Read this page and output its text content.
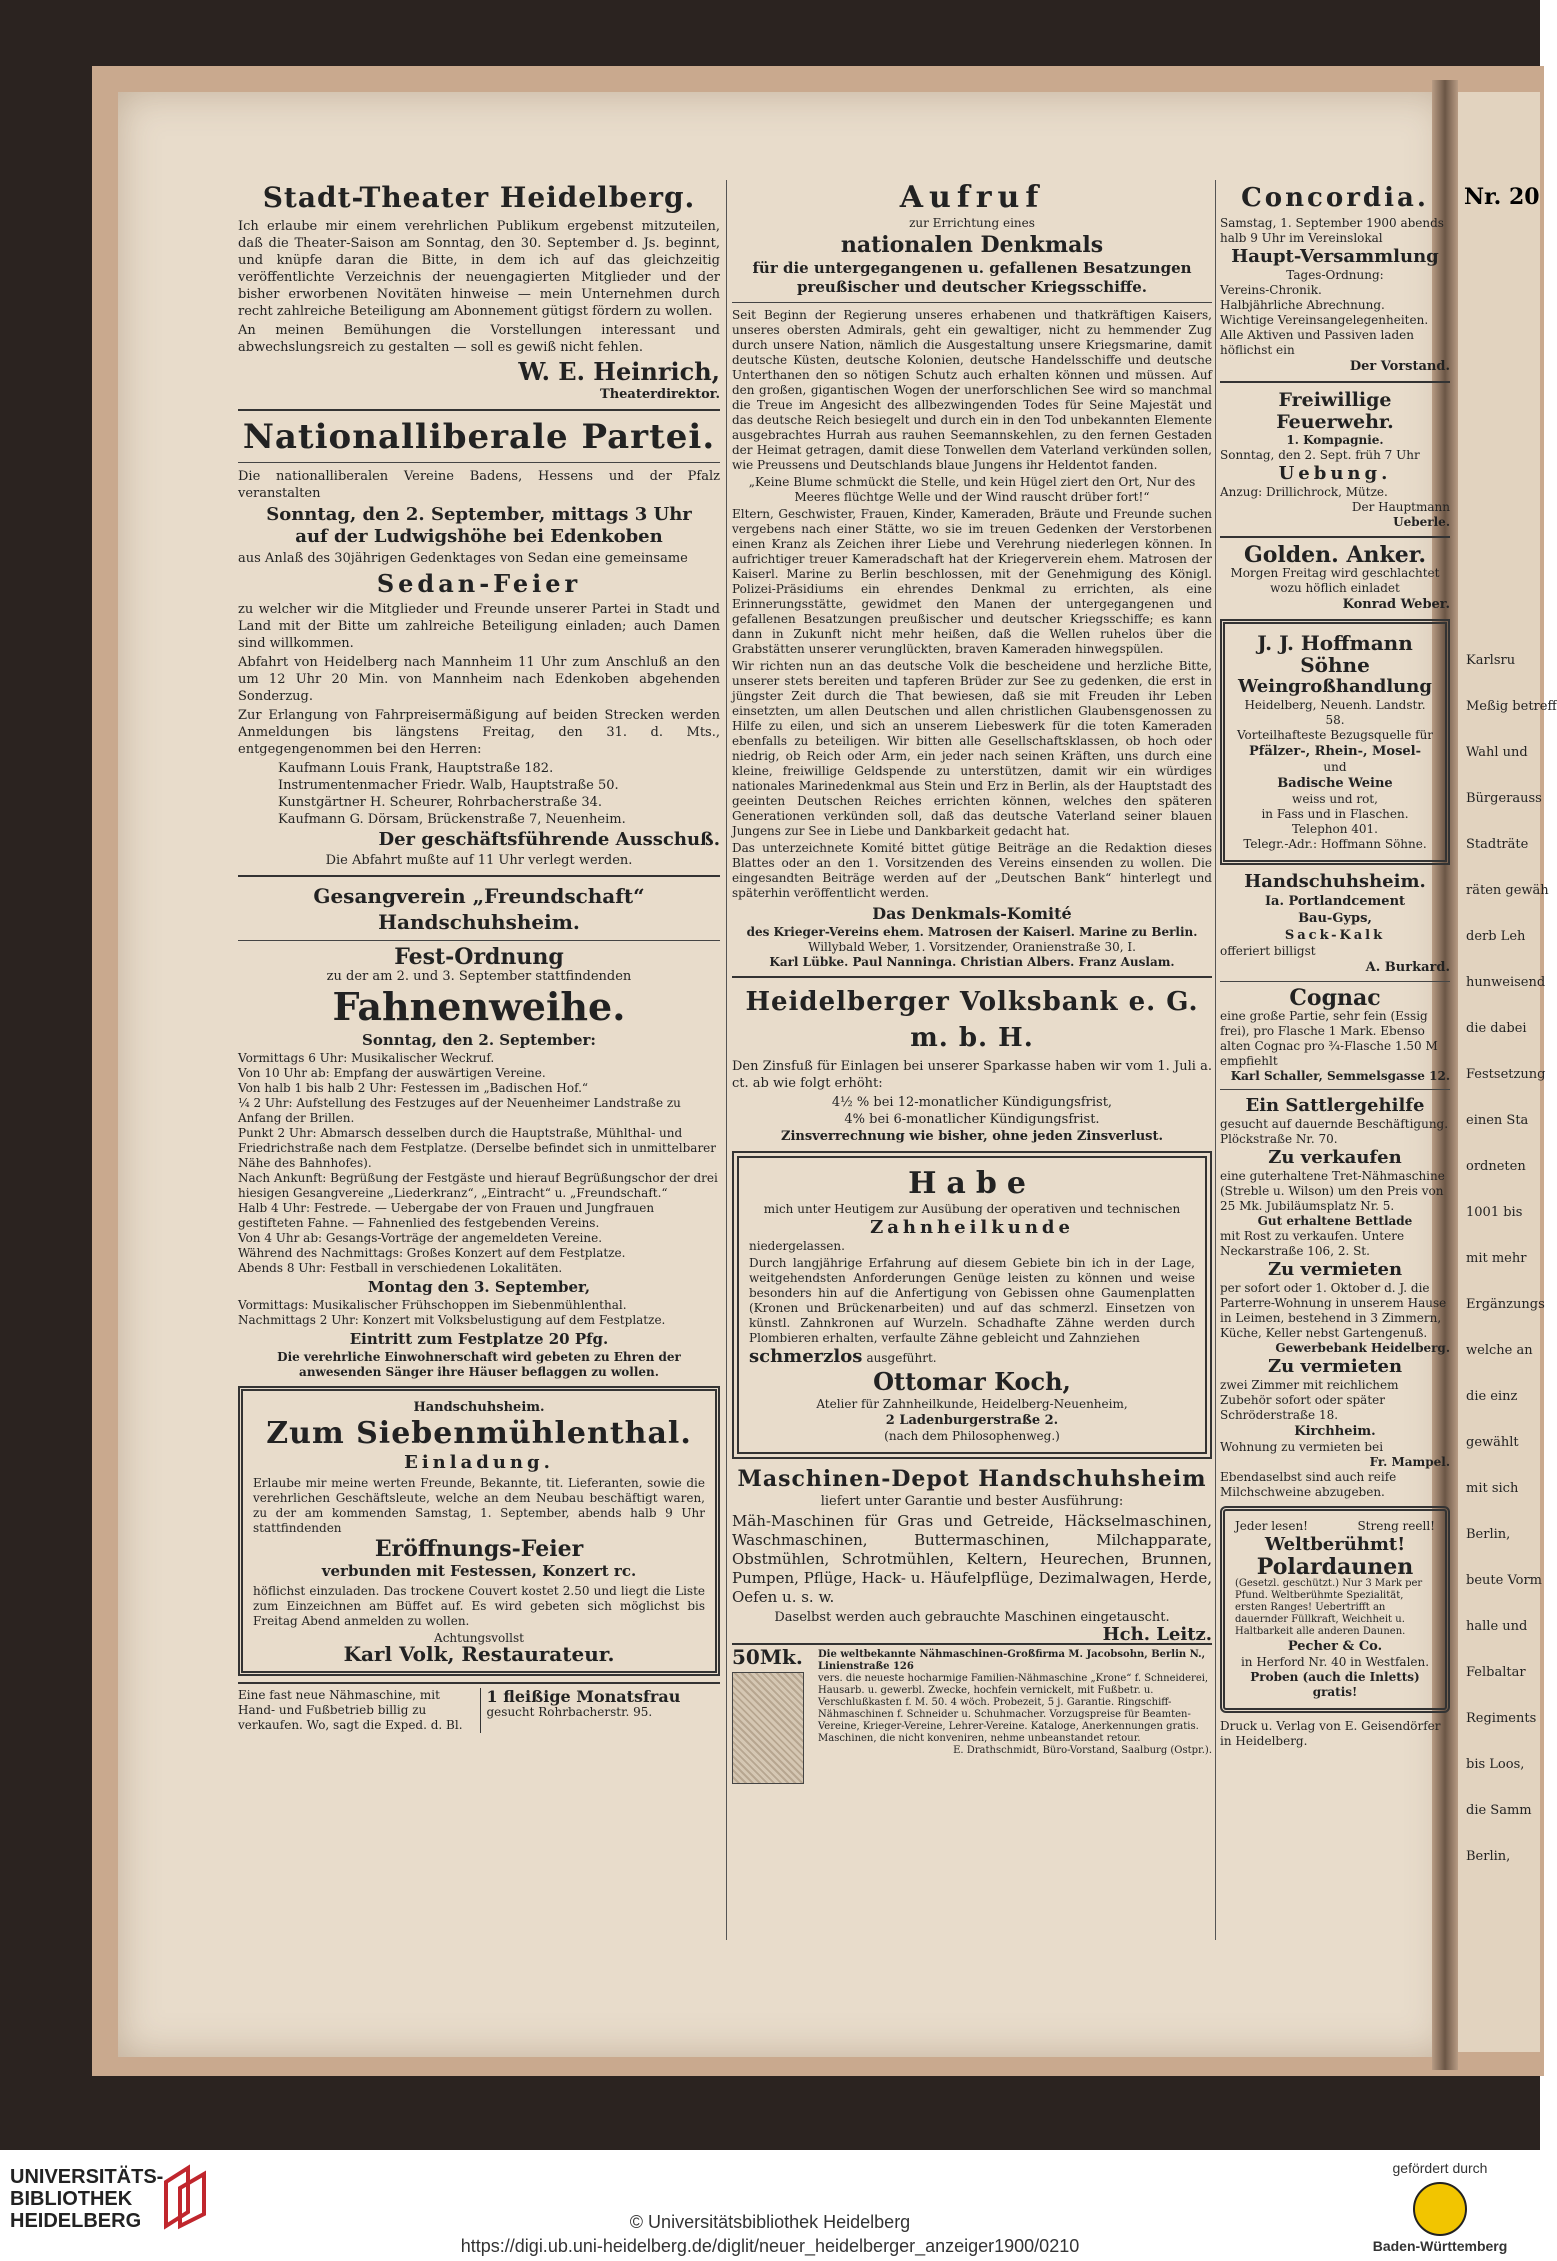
Nr. 20
Karlsru
Meßig betreff
Wahl und
Bürgerauss
Stadträte
räten gewäh
derb Leh
hunweisend
die dabei
Festsetzung
einen Sta
ordneten
1001 bis
mit mehr
Ergänzungs
welche an
die einz
gewählt
mit sich
Berlin,
beute Vorm
halle und
Felbaltar
Regiments
bis Loos,
die Samm
Berlin,
Stadt-Theater Heidelberg.

Ich erlaube mir einem verehrlichen Publikum ergebenst mitzuteilen, daß die Theater-Saison am Sonntag, den 30. September d. Js. beginnt, und knüpfe daran die Bitte, in dem ich auf das gleichzeitig veröffentlichte Verzeichnis der neuengagierten Mitglieder und der bisher erworbenen Novitäten hinweise — mein Unternehmen durch recht zahlreiche Beteiligung am Abonnement gütigst fördern zu wollen.

An meinen Bemühungen die Vorstellungen interessant und abwechslungsreich zu gestalten — soll es gewiß nicht fehlen.

W. E. Heinrich,
Theaterdirektor.
Nationalliberale Partei.

Die nationalliberalen Vereine Badens, Hessens und der Pfalz veranstalten

Sonntag, den 2. September, mittags 3 Uhr
auf der Ludwigshöhe bei Edenkoben

aus Anlaß des 30jährigen Gedenktages von Sedan eine gemeinsame

Sedan-Feier

zu welcher wir die Mitglieder und Freunde unserer Partei in Stadt und Land mit der Bitte um zahlreiche Beteiligung einladen; auch Damen sind willkommen.

Abfahrt von Heidelberg nach Mannheim 11 Uhr zum Anschluß an den um 12 Uhr 20 Min. von Mannheim nach Edenkoben abgehenden Sonderzug.

Zur Erlangung von Fahrpreisermäßigung auf beiden Strecken werden Anmeldungen bis längstens Freitag, den 31. d. Mts., entgegengenommen bei den Herren:

Kaufmann Louis Frank, Hauptstraße 182.
Instrumentenmacher Friedr. Walb, Hauptstraße 50.
Kunstgärtner H. Scheurer, Rohrbacherstraße 34.
Kaufmann G. Dörsam, Brückenstraße 7, Neuenheim.
Der geschäftsführende Ausschuß.
Die Abfahrt mußte auf 11 Uhr verlegt werden.
Gesangverein „Freundschaft“ Handschuhsheim.
Fest-Ordnung
zu der am 2. und 3. September stattfindenden
Fahnenweihe.
Sonntag, den 2. September:
Vormittags 6 Uhr: Musikalischer Weckruf.
Von 10 Uhr ab: Empfang der auswärtigen Vereine.
Von halb 1 bis halb 2 Uhr: Festessen im „Badischen Hof.“
¼ 2 Uhr: Aufstellung des Festzuges auf der Neuenheimer Landstraße zu Anfang der Brillen.
Punkt 2 Uhr: Abmarsch desselben durch die Hauptstraße, Mühlthal- und Friedrichstraße nach dem Festplatze. (Derselbe befindet sich in unmittelbarer Nähe des Bahnhofes).
Nach Ankunft: Begrüßung der Festgäste und hierauf Begrüßungschor der drei hiesigen Gesangvereine „Liederkranz“, „Eintracht“ u. „Freundschaft.“
Halb 4 Uhr: Festrede. — Uebergabe der von Frauen und Jungfrauen gestifteten Fahne. — Fahnenlied des festgebenden Vereins.
Von 4 Uhr ab: Gesangs-Vorträge der angemeldeten Vereine.
Während des Nachmittags: Großes Konzert auf dem Festplatze.
Abends 8 Uhr: Festball in verschiedenen Lokalitäten.
Montag den 3. September,
Vormittags: Musikalischer Frühschoppen im Siebenmühlenthal.
Nachmittags 2 Uhr: Konzert mit Volksbelustigung auf dem Festplatze.
Eintritt zum Festplatze 20 Pfg.
Die verehrliche Einwohnerschaft wird gebeten zu Ehren der anwesenden Sänger ihre Häuser beflaggen zu wollen.
Handschuhsheim.
Zum Siebenmühlenthal.
Einladung.

Erlaube mir meine werten Freunde, Bekannte, tit. Lieferanten, sowie die verehrlichen Geschäftsleute, welche an dem Neubau beschäftigt waren, zu der am kommenden Samstag, 1. September, abends halb 9 Uhr stattfindenden

Eröffnungs-Feier
verbunden mit Festessen, Konzert rc.

höflichst einzuladen. Das trockene Couvert kostet 2.50 und liegt die Liste zum Einzeichnen am Büffet auf. Es wird gebeten sich möglichst bis Freitag Abend anmelden zu wollen.

Achtungsvollst
Karl Volk, Restaurateur.
Eine fast neue Nähmaschine, mit Hand- und Fußbetrieb billig zu verkaufen. Wo, sagt die Exped. d. Bl.
1 fleißige Monatsfrau
gesucht Rohrbacherstr. 95.
Aufruf
zur Errichtung eines
nationalen Denkmals
für die untergegangenen u. gefallenen Besatzungen preußischer und deutscher Kriegsschiffe.

Seit Beginn der Regierung unseres erhabenen und thatkräftigen Kaisers, unseres obersten Admirals, geht ein gewaltiger, nicht zu hemmender Zug durch unsere Nation, nämlich die Ausgestaltung unsere Kriegsmarine, damit deutsche Küsten, deutsche Kolonien, deutsche Handelsschiffe und deutsche Unterthanen den so nötigen Schutz auch erhalten können und müssen. Auf den großen, gigantischen Wogen der unerforschlichen See wird so manchmal die Treue im Angesicht des allbezwingenden Todes für Seine Majestät und das deutsche Reich besiegelt und durch ein in den Tod unbekannten Elemente ausgebrachtes Hurrah aus rauhen Seemannskehlen, zu den fernen Gestaden der Heimat getragen, damit diese Tonwellen dem Vaterland verkünden sollen, wie Preussens und Deutschlands blaue Jungens ihr Heldentot fanden.

„Keine Blume schmückt die Stelle, und kein Hügel ziert den Ort, Nur des Meeres flüchtge Welle und der Wind rauscht drüber fort!“

Eltern, Geschwister, Frauen, Kinder, Kameraden, Bräute und Freunde suchen vergebens nach einer Stätte, wo sie im treuen Gedenken der Verstorbenen einen Kranz als Zeichen ihrer Liebe und Verehrung niederlegen können. In aufrichtiger treuer Kameradschaft hat der Kriegerverein ehem. Matrosen der Kaiserl. Marine zu Berlin beschlossen, mit der Genehmigung des Königl. Polizei-Präsidiums ein ehrendes Denkmal zu errichten, als eine Erinnerungsstätte, gewidmet den Manen der untergegangenen und gefallenen Besatzungen preußischer und deutscher Kriegsschiffe; es kann dann in Zukunft nicht mehr heißen, daß die Wellen ruhelos über die Grabstätten unserer verunglückten, braven Kameraden hinwegspülen.

Wir richten nun an das deutsche Volk die bescheidene und herzliche Bitte, unserer stets bereiten und tapferen Brüder zur See zu gedenken, die erst in jüngster Zeit durch die That bewiesen, daß sie mit Freuden ihr Leben einsetzten, um allen Deutschen und allen christlichen Glaubensgenossen zu Hilfe zu eilen, und sich an unserem Liebeswerk für die toten Kameraden ebenfalls zu beteiligen. Wir bitten alle Gesellschaftsklassen, ob hoch oder niedrig, ob Reich oder Arm, ein jeder nach seinen Kräften, uns durch eine kleine, freiwillige Geldspende zu unterstützen, damit wir ein würdiges nationales Marinedenkmal aus Stein und Erz in Berlin, als der Hauptstadt des geeinten Deutschen Reiches errichten können, welches den späteren Generationen verkünden soll, daß das deutsche Vaterland seiner blauen Jungens zur See in Liebe und Dankbarkeit gedacht hat.

Das unterzeichnete Komité bittet gütige Beiträge an die Redaktion dieses Blattes oder an den 1. Vorsitzenden des Vereins einsenden zu wollen. Die eingesandten Beiträge werden auf der „Deutschen Bank“ hinterlegt und späterhin veröffentlicht werden.

Das Denkmals-Komité
des Krieger-Vereins ehem. Matrosen der Kaiserl. Marine zu Berlin.
Willybald Weber, 1. Vorsitzender, Oranienstraße 30, I.
Karl Lübke. Paul Nanninga. Christian Albers. Franz Auslam.
Heidelberger Volksbank e. G. m. b. H.

Den Zinsfuß für Einlagen bei unserer Sparkasse haben wir vom 1. Juli a. ct. ab wie folgt erhöht:

4½ % bei 12-monatlicher Kündigungsfrist,
4% bei 6-monatlicher Kündigungsfrist.
Zinsverrechnung wie bisher, ohne jeden Zinsverlust.
Habe
mich unter Heutigem zur Ausübung der operativen und technischen
Zahnheilkunde
niedergelassen.

Durch langjährige Erfahrung auf diesem Gebiete bin ich in der Lage, weitgehendsten Anforderungen Genüge leisten zu können und weise besonders hin auf die Anfertigung von Gebissen ohne Gaumenplatten (Kronen und Brückenarbeiten) und auf das schmerzl. Einsetzen von künstl. Zahnkronen auf Wurzeln. Schadhafte Zähne werden durch Plombieren erhalten, verfaulte Zähne gebleicht und Zahnziehen

schmerzlos ausgeführt.
Ottomar Koch,
Atelier für Zahnheilkunde, Heidelberg-Neuenheim,
2 Ladenburgerstraße 2.
(nach dem Philosophenweg.)
Maschinen-Depot Handschuhsheim
liefert unter Garantie und bester Ausführung:

Mäh-Maschinen für Gras und Getreide, Häckselmaschinen, Waschmaschinen, Buttermaschinen, Milchapparate, Obstmühlen, Schrotmühlen, Keltern, Heurechen, Brunnen, Pumpen, Pflüge, Hack- u. Häufelpflüge, Dezimalwagen, Herde, Oefen u. s. w.

Daselbst werden auch gebrauchte Maschinen eingetauscht.
Hch. Leitz.
50Mk.	Die weltbekannte Nähmaschinen-Großfirma M. Jacobsohn, Berlin N., Linienstraße 126
vers. die neueste hocharmige Familien-Nähmaschine „Krone“ f. Schneiderei, Hausarb. u. gewerbl. Zwecke, hochfein vernickelt, mit Fußbetr. u. Verschlußkasten f. M. 50. 4 wöch. Probezeit, 5 j. Garantie. Ringschiff-Nähmaschinen f. Schneider u. Schuhmacher. Vorzugspreise für Beamten-Vereine, Krieger-Vereine, Lehrer-Vereine. Kataloge, Anerkennungen gratis. Maschinen, die nicht konveniren, nehme unbeanstandet retour.
E. Drathschmidt, Büro-Vorstand, Saalburg (Ostpr.).
Concordia.
Samstag, 1. September 1900 abends halb 9 Uhr im Vereinslokal
Haupt-Versammlung
Tages-Ordnung:
Vereins-Chronik.
Halbjährliche Abrechnung.
Wichtige Vereinsangelegenheiten.
Alle Aktiven und Passiven laden höflichst ein
Der Vorstand.
Freiwillige Feuerwehr.
1. Kompagnie.
Sonntag, den 2. Sept. früh 7 Uhr
Uebung.
Anzug: Drillichrock, Mütze.
Der Hauptmann
Ueberle.
Golden. Anker.
Morgen Freitag wird geschlachtet wozu höflich einladet
Konrad Weber.
J. J. Hoffmann Söhne
Weingroßhandlung
Heidelberg, Neuenh. Landstr. 58.
Vorteilhafteste Bezugsquelle für
Pfälzer-, Rhein-, Mosel-
und
Badische Weine
weiss und rot,
in Fass und in Flaschen.
Telephon 401.
Telegr.-Adr.: Hoffmann Söhne.
Handschuhsheim.
Ia. Portlandcement
Bau-Gyps,
Sack-Kalk
offeriert billigst
A. Burkard.
Cognac
eine große Partie, sehr fein (Essig frei), pro Flasche 1 Mark. Ebenso alten Cognac pro ¾-Flasche 1.50 M empfiehlt
Karl Schaller, Semmelsgasse 12.
Ein Sattlergehilfe
gesucht auf dauernde Beschäftigung. Plöckstraße Nr. 70.
Zu verkaufen
eine guterhaltene Tret-Nähmaschine (Streble u. Wilson) um den Preis von 25 Mk. Jubiläumsplatz Nr. 5.
Gut erhaltene Bettlade
mit Rost zu verkaufen. Untere Neckarstraße 106, 2. St.
Zu vermieten
per sofort oder 1. Oktober d. J. die Parterre-Wohnung in unserem Hause in Leimen, bestehend in 3 Zimmern, Küche, Keller nebst Gartengenuß.
Gewerbebank Heidelberg.
Zu vermieten
zwei Zimmer mit reichlichem Zubehör sofort oder später Schröderstraße 18.
Kirchheim.
Wohnung zu vermieten bei
Fr. Mampel.
Ebendaselbst sind auch reife Milchschweine abzugeben.
Jeder lesen!	Streng reell!
Weltberühmt!
Polardaunen
(Gesetzl. geschützt.) Nur 3 Mark per Pfund. Weltberühmte Spezialität, ersten Ranges! Uebertrifft an dauernder Füllkraft, Weichheit u. Haltbarkeit alle anderen Daunen.
Pecher & Co.
in Herford Nr. 40 in Westfalen.
Proben (auch die Inletts) gratis!
Druck u. Verlag von E. Geisendörfer in Heidelberg.
UNIVERSITÄTS-
BIBLIOTHEK
HEIDELBERG	© Universitätsbibliothek Heidelberg
https://digi.ub.uni-heidelberg.de/diglit/neuer_heidelberger_anzeiger1900/0210
gefördert durch
Baden-Württemberg
